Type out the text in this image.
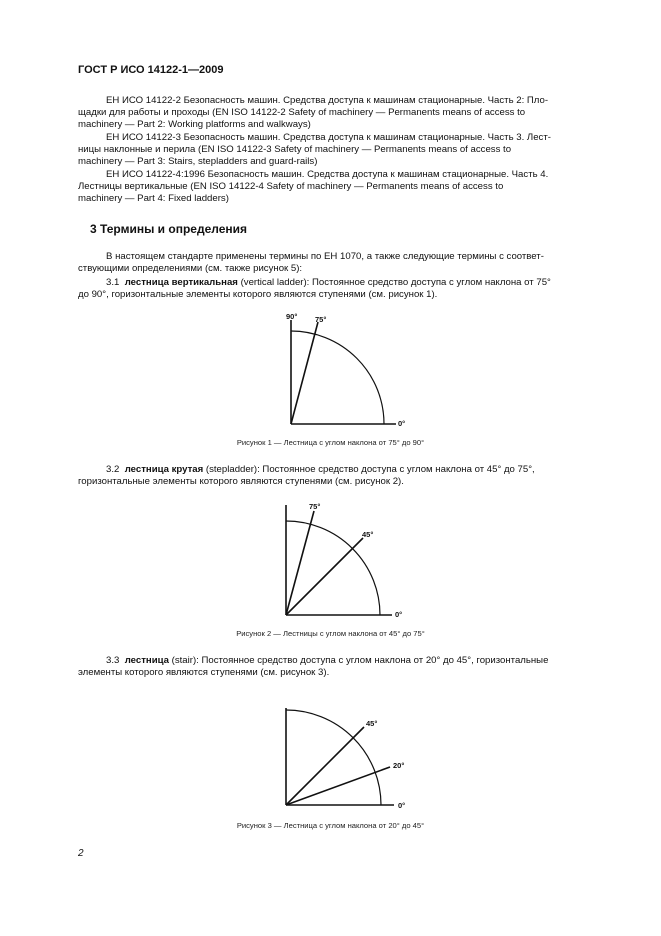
ГОСТ Р ИСО 14122-1—2009
ЕН ИСО 14122-2 Безопасность машин. Средства доступа к машинам стационарные. Часть 2: Пло-
щадки для работы и проходы (EN ISO 14122-2 Safety of machinery — Permanents means of access to
machinery — Part 2: Working platforms and walkways)
ЕН ИСО 14122-3 Безопасность машин. Средства доступа к машинам стационарные. Часть 3. Лест-
ницы наклонные и перила (EN ISO 14122-3 Safety of machinery — Permanents means of access to
machinery — Part 3: Stairs, stepladders and guard-rails)
ЕН ИСО 14122-4:1996 Безопасность машин. Средства доступа к машинам стационарные. Часть 4.
Лестницы вертикальные (EN ISO 14122-4 Safety of machinery — Permanents means of access to
machinery — Part 4: Fixed ladders)
3 Термины и определения
В настоящем стандарте применены термины по ЕН 1070, а также следующие термины с соответ-
ствующими определениями (см. также рисунок 5):
3.1 лестница вертикальная (vertical ladder): Постоянное средство доступа с углом наклона от 75°
до 90°, горизонтальные элементы которого являются ступенями (см. рисунок 1).
90° 75°
0°
Рисунок 1 — Лестница с углом наклона от 75° до 90°
3.2 лестница крутая (stepladder): Постоянное средство доступа с углом наклона от 45° до 75°,
горизонтальные элементы которого являются ступенями (см. рисунок 2).
75°
45°
0°
Рисунок 2 — Лестницы с углом наклона от 45° до 75°
3.3 лестница (stair): Постоянное средство доступа с углом наклона от 20° до 45°, горизонтальные
элементы которого являются ступенями (см. рисунок 3).
45°
20°
0°
Рисунок 3 — Лестница с углом наклона от 20° до 45°
2
